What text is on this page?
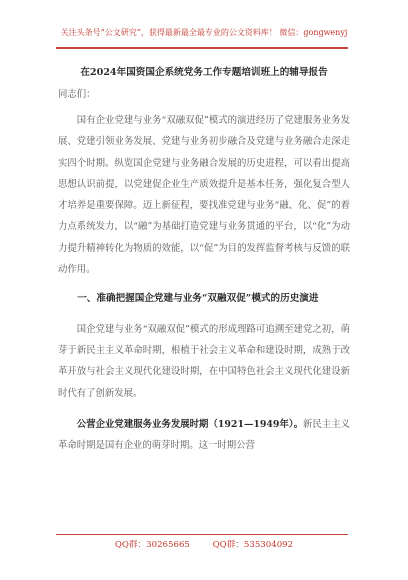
关注头条号“公文研究”，获得最新最全最专业的公文资料库！ 微信：gongwenyj
在2024年国资国企系统党务工作专题培训班上的辅导报告
同志们：

国有企业党建与业务“双融双促”模式的演进经历了党建服务业务发展、党建引领业务发展、党建与业务初步融合及党建与业务融合走深走实四个时期。纵览国企党建与业务融合发展的历史进程，可以看出提高思想认识前提，以党建促企业生产质效提升是基本任务，强化复合型人才培养是重要保障。迈上新征程，要找准党建与业务“融、化、促”的着力点系统发力，以“融”为基础打造党建与业务贯通的平台，以“化”为动力提升精神转化为物质的效能，以“促”为目的发挥监督考核与反馈的联动作用。

一、准确把握国企党建与业务“双融双促”模式的历史演进

国企党建与业务“双融双促”模式的形成理路可追溯至建党之初，萌芽于新民主主义革命时期，根植于社会主义革命和建设时期，成熟于改革开放与社会主义现代化建设时期，在中国特色社会主义现代化建设新时代有了创新发展。

公营企业党建服务业务发展时期（1921—1949年）。新民主主义革命时期是国有企业的萌芽时期。这一时期公营

QQ群：30265665	QQ群：535304092
